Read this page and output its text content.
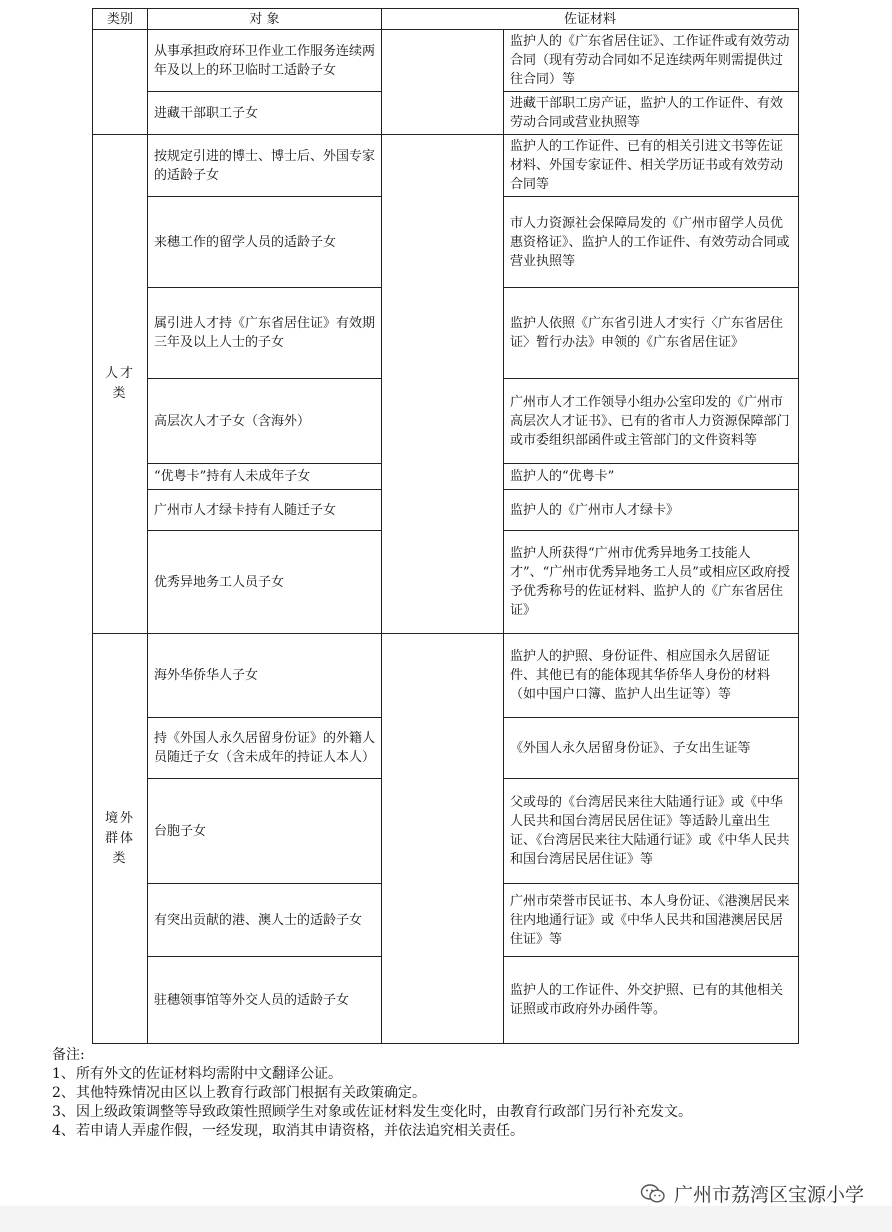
类别	对 象	佐证材料	
	从事承担政府环卫作业工作服务连续两年及以上的环卫临时工适龄子女		监护人的《广东省居住证》、工作证件或有效劳动合同（现有劳动合同如不足连续两年则需提供过往合同）等
	进藏干部职工子女		进藏干部职工房产证，监护人的工作证件、有效劳动合同或营业执照等
人才类	按规定引进的博士、博士后、外国专家的适龄子女		监护人的工作证件、已有的相关引进文书等佐证材料、外国专家证件、相关学历证书或有效劳动合同等
	来穗工作的留学人员的适龄子女		市人力资源社会保障局发的《广州市留学人员优惠资格证》、监护人的工作证件、有效劳动合同或营业执照等
	属引进人才持《广东省居住证》有效期三年及以上人士的子女		监护人依照《广东省引进人才实行〈广东省居住证〉暂行办法》申领的《广东省居住证》
	高层次人才子女（含海外）		广州市人才工作领导小组办公室印发的《广州市高层次人才证书》、已有的省市人力资源保障部门或市委组织部函件或主管部门的文件资料等
	“优粤卡”持有人未成年子女		监护人的“优粤卡”
	广州市人才绿卡持有人随迁子女		监护人的《广州市人才绿卡》
	优秀异地务工人员子女		监护人所获得“广州市优秀异地务工技能人才”、“广州市优秀异地务工人员”或相应区政府授予优秀称号的佐证材料、监护人的《广东省居住证》
境外群体类	海外华侨华人子女		监护人的护照、身份证件、相应国永久居留证件、其他已有的能体现其华侨华人身份的材料（如中国户口簿、监护人出生证等）等
	持《外国人永久居留身份证》的外籍人员随迁子女（含未成年的持证人本人）		《外国人永久居留身份证》、子女出生证等
	台胞子女		父或母的《台湾居民来往大陆通行证》或《中华人民共和国台湾居民居住证》等适龄儿童出生证、《台湾居民来往大陆通行证》或《中华人民共和国台湾居民居住证》等
	有突出贡献的港、澳人士的适龄子女		广州市荣誉市民证书、本人身份证、《港澳居民来往内地通行证》或《中华人民共和国港澳居民居住证》等
	驻穗领事馆等外交人员的适龄子女		监护人的工作证件、外交护照、已有的其他相关证照或市政府外办函件等。

备注:

1、 所有外文的佐证材料均需附中文翻译公证。
2、 其他特殊情况由区以上教育行政部门根据有关政策确定。
3、 因上级政策调整等导致政策性照顾学生对象或佐证材料发生变化时，由教育行政部门另行补充发文。
4、 若申请人弄虚作假，一经发现，取消其申请资格，并依法追究相关责任。
广州市荔湾区宝源小学
